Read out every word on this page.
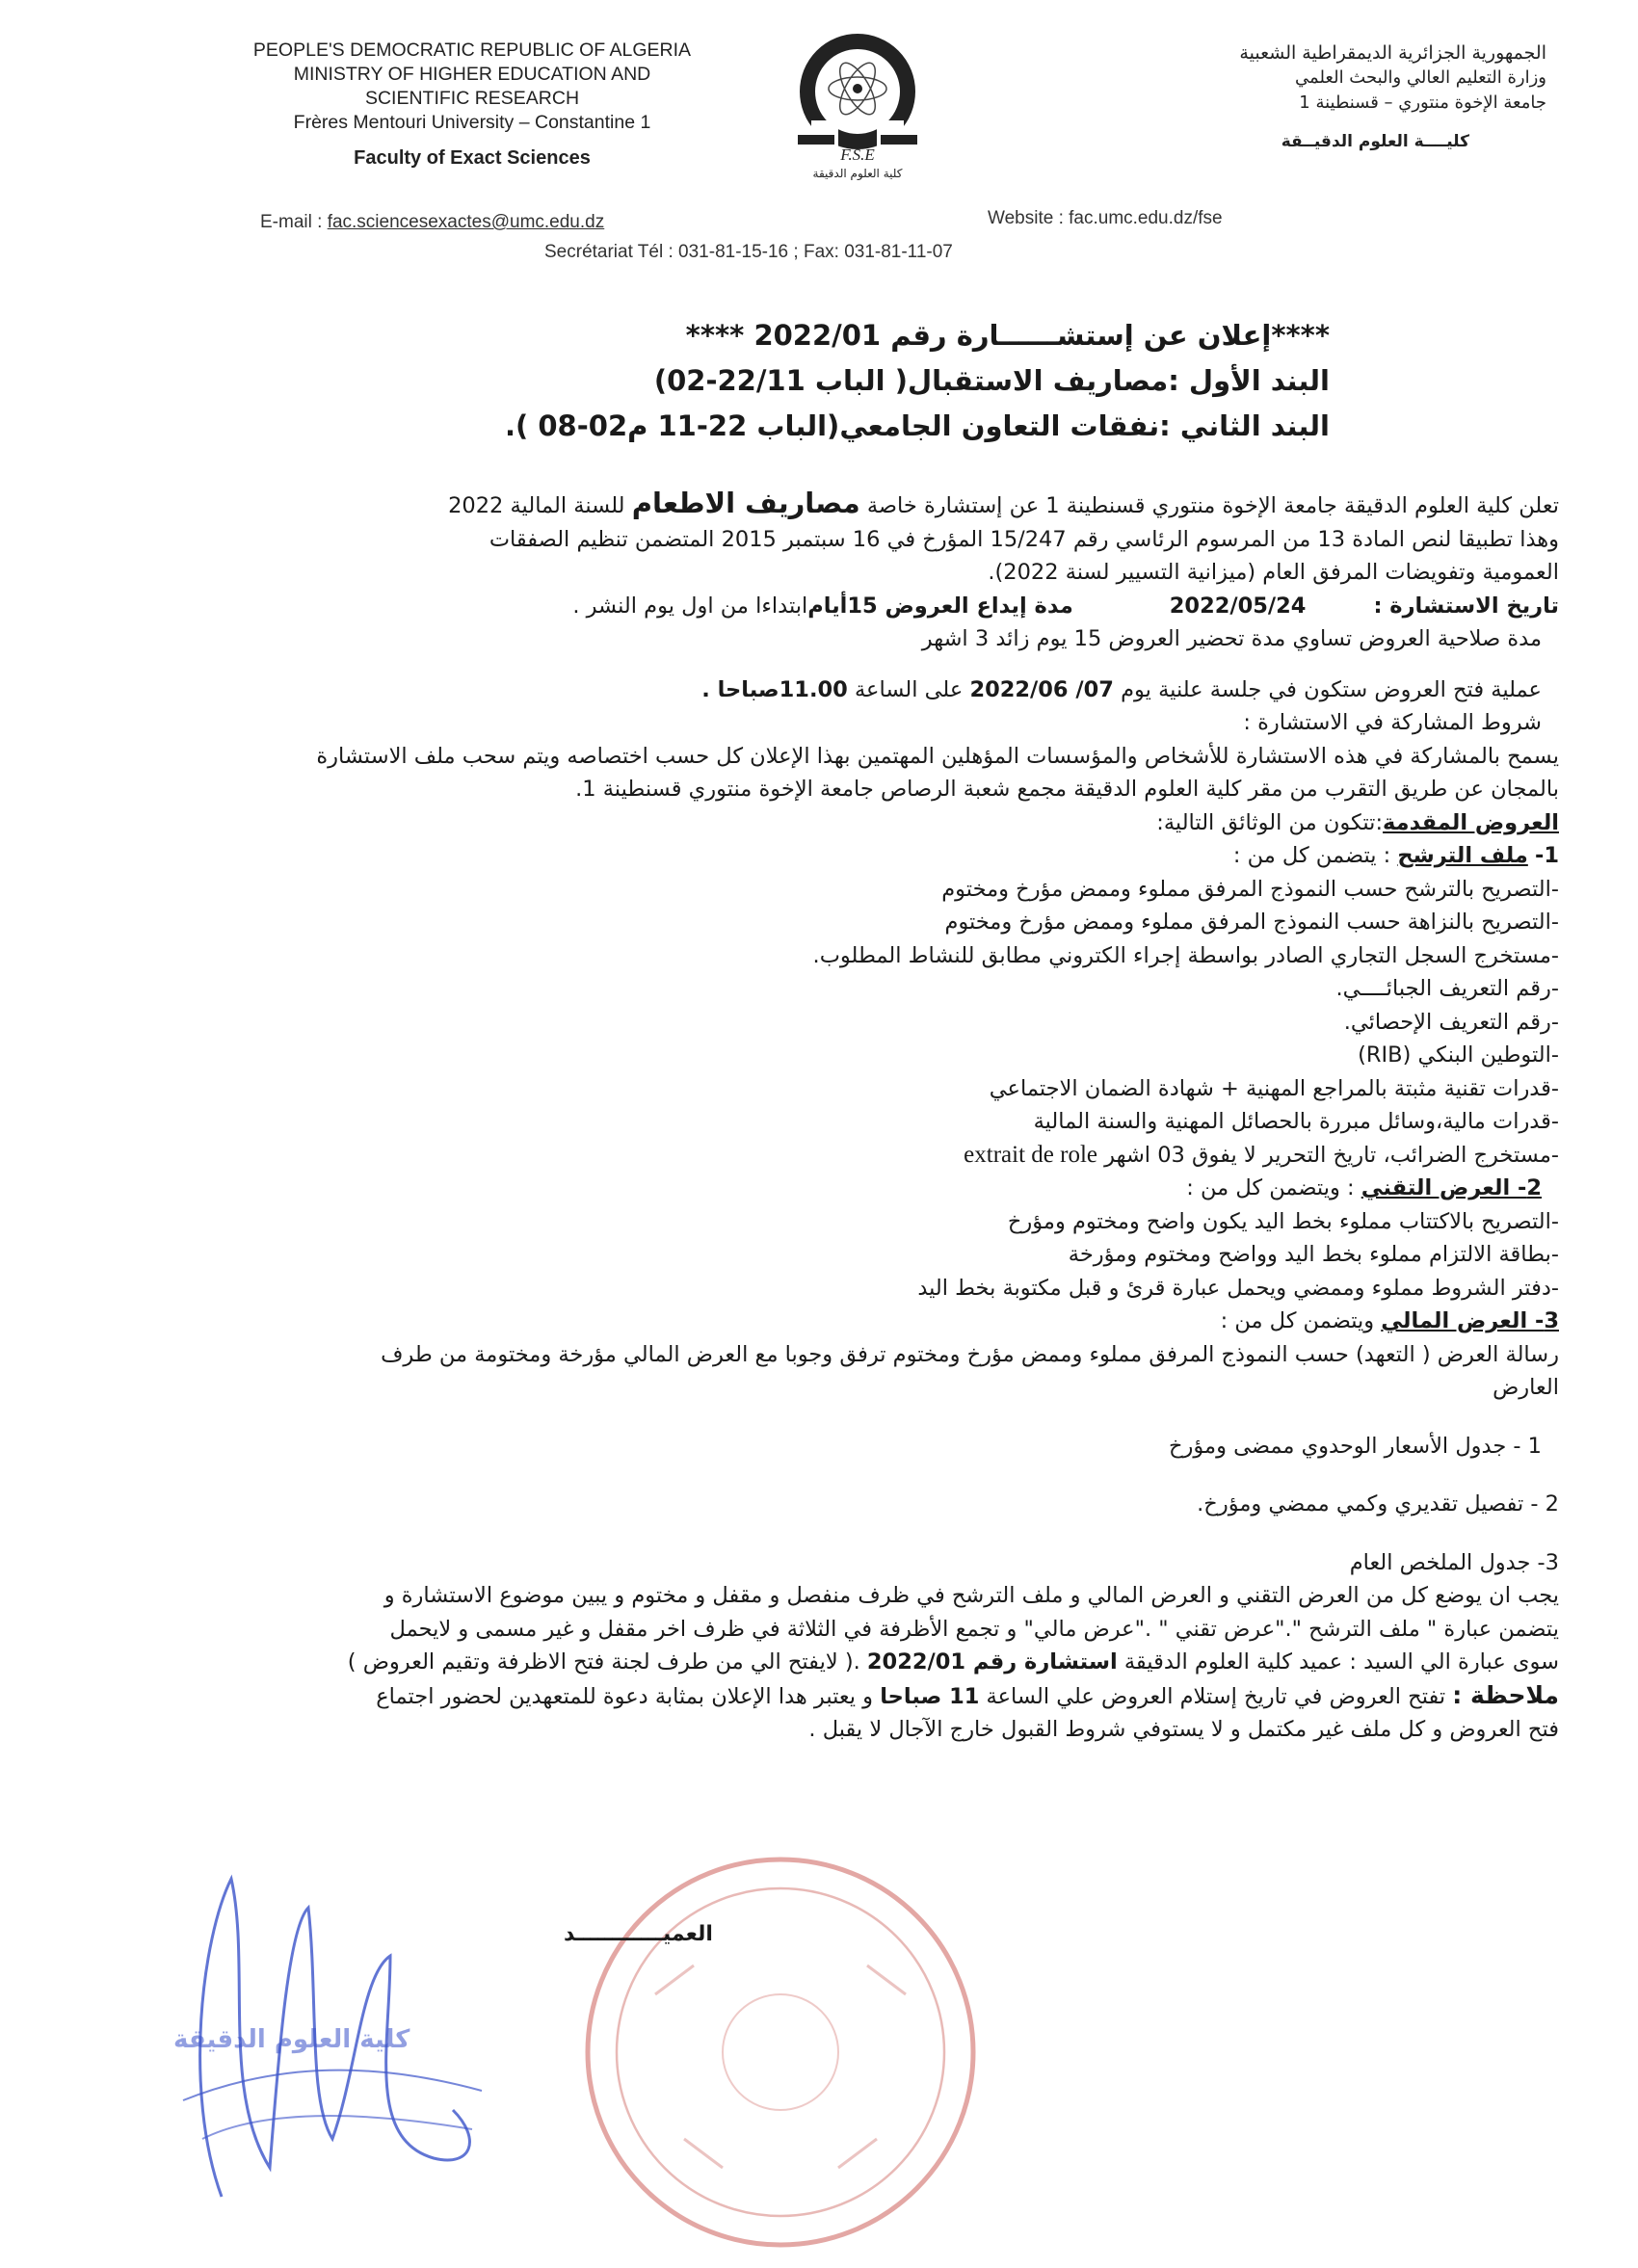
PEOPLE'S DEMOCRATIC REPUBLIC OF ALGERIA
MINISTRY OF HIGHER EDUCATION AND
SCIENTIFIC RESEARCH
Frères Mentouri University – Constantine 1
Faculty of Exact Sciences	F.S.E
كلية العلوم الدقيقة
الجمهورية الجزائرية الديمقراطية الشعبية
وزارة التعليم العالي والبحث العلمي
جامعة الإخوة منتوري – قسنطينة 1
كليــــة العلوم الدقيــقة
E-mail : fac.sciencesexactes@umc.edu.dz	Website : fac.umc.edu.dz/fse
Secrétariat Tél : 031-81-15-16 ; Fax: 031-81-11-07
****إعلان عن إستشــــــارة رقم 2022/01 ****
البند الأول :مصاريف الاستقبال( الباب 22/11-02)
البند الثاني :نفقات التعاون الجامعي(الباب 22-11 م02-08 ).

تعلن كلية العلوم الدقيقة جامعة الإخوة منتوري قسنطينة 1 عن إستشارة خاصة مصاريف الاطعام للسنة المالية 2022

وهذا تطبيقا لنص المادة 13 من المرسوم الرئاسي رقم 15/247 المؤرخ في 16 سبتمبر 2015 المتضمن تنظيم الصفقات

العمومية وتفويضات المرفق العام (ميزانية التسيير لسنة 2022).

تاريخ الاستشارة :
2022/05/24
مدة إيداع العروض 15أيام
ابتداءا من اول يوم النشر .

مدة صلاحية العروض تساوي مدة تحضير العروض 15 يوم زائد 3 اشهر

عملية فتح العروض ستكون في جلسة علنية يوم 07/ 2022/06 على الساعة 11.00صباحا .

شروط المشاركة في الاستشارة :

يسمح بالمشاركة في هذه الاستشارة للأشخاص والمؤسسات المؤهلين المهتمين بهذا الإعلان كل حسب اختصاصه ويتم سحب ملف الاستشارة

بالمجان عن طريق التقرب من مقر كلية العلوم الدقيقة مجمع شعبة الرصاص جامعة الإخوة منتوري قسنطينة 1.

العروض المقدمة:تتكون من الوثائق التالية:

1- ملف الترشح : يتضمن كل من :

-التصريح بالترشح حسب النموذج المرفق مملوء وممض مؤرخ ومختوم

-التصريح بالنزاهة حسب النموذج المرفق مملوء وممض مؤرخ ومختوم

-مستخرج السجل التجاري الصادر بواسطة إجراء الكتروني مطابق للنشاط المطلوب.

-رقم التعريف الجبائــــي.

-رقم التعريف الإحصائي.

-التوطين البنكي (RIB)

-قدرات تقنية مثبتة بالمراجع المهنية + شهادة الضمان الاجتماعي

-قدرات مالية،وسائل مبررة بالحصائل المهنية والسنة المالية

-مستخرج الضرائب، تاريخ التحرير لا يفوق 03 اشهر extrait de role

2- العرض التقني : ويتضمن كل من :

-التصريح بالاكتتاب مملوء بخط اليد يكون واضح ومختوم ومؤرخ

-بطاقة الالتزام مملوء بخط اليد وواضح ومختوم ومؤرخة

-دفتر الشروط مملوء وممضي ويحمل عبارة قرئ و قبل مكتوبة بخط اليد

3- العرض المالي ويتضمن كل من :

رسالة العرض ( التعهد) حسب النموذج المرفق مملوء وممض مؤرخ ومختوم ترفق وجوبا مع العرض المالي مؤرخة ومختومة من طرف

العارض

1 - جدول الأسعار الوحدوي ممضى ومؤرخ

2 - تفصيل تقديري وكمي ممضي ومؤرخ.

3- جدول الملخص العام

يجب ان يوضع كل من العرض التقني و العرض المالي و ملف الترشح في ظرف منفصل و مقفل و مختوم و يبين موضوع الاستشارة و

يتضمن عبارة " ملف الترشح "."عرض تقني " ."عرض مالي" و تجمع الأظرفة في الثلاثة في ظرف اخر مقفل و غير مسمى و لايحمل

سوى عبارة الي السيد : عميد كلية العلوم الدقيقة استشارة رقم 2022/01 .( لايفتح الي من طرف لجنة فتح الاظرفة وتقيم العروض )

ملاحظة : تفتح العروض في تاريخ إستلام العروض علي الساعة 11 صباحا و يعتبر هدا الإعلان بمثابة دعوة للمتعهدين لحضور اجتماع

فتح العروض و كل ملف غير مكتمل و لا يستوفي شروط القبول خارج الآجال لا يقبل .

العميــــــــــــد
كلية العلوم الدقيقة
